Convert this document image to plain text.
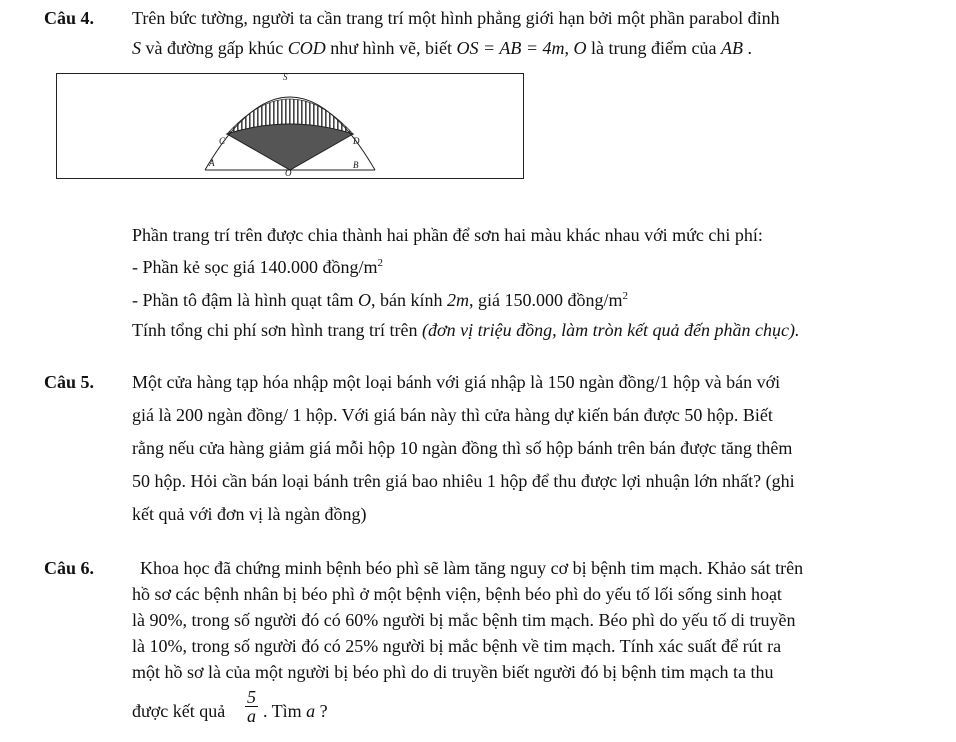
Câu 4. Trên bức tường, người ta cần trang trí một hình phẳng giới hạn bởi một phần parabol đỉnh
S và đường gấp khúc COD như hình vẽ, biết OS = AB = 4m, O là trung điểm của AB .
S
C	D
A
O
B
Phần trang trí trên được chia thành hai phần để sơn hai màu khác nhau với mức chi phí:
- Phần kẻ sọc giá 140.000 đồng/$m^2$
- Phần tô đậm là hình quạt tâm O, bán kính 2m, giá 150.000 đồng/$m^2$
Tính tổng chi phí sơn hình trang trí trên (đơn vị triệu đồng, làm tròn kết quả đến phần chục).
Câu 5. Một cửa hàng tạp hóa nhập một loại bánh với giá nhập là 150 ngàn đồng/1 hộp và bán với
giá là 200 ngàn đồng/ 1 hộp. Với giá bán này thì cửa hàng dự kiến bán được 50 hộp. Biết
rằng nếu cửa hàng giảm giá mỗi hộp 10 ngàn đồng thì số hộp bánh trên bán được tăng thêm
50 hộp. Hỏi cần bán loại bánh trên giá bao nhiêu 1 hộp để thu được lợi nhuận lớn nhất? (ghi
kết quả với đơn vị là ngàn đồng)
Câu 6.	Khoa học đã chứng minh bệnh béo phì sẽ làm tăng nguy cơ bị bệnh tim mạch. Khảo sát trên
hồ sơ các bệnh nhân bị béo phì ở một bệnh viện, bệnh béo phì do yếu tố lối sống sinh hoạt
là 90%, trong số người đó có 60% người bị mắc bệnh tim mạch. Béo phì do yếu tố di truyền
là 10%, trong số người đó có 25% người bị mắc bệnh về tim mạch. Tính xác suất để rút ra
một hồ sơ là của một người bị béo phì do di truyền biết người đó bị bệnh tim mạch ta thu
được kết quả $\frac{5}{a}$ . Tìm a ?
